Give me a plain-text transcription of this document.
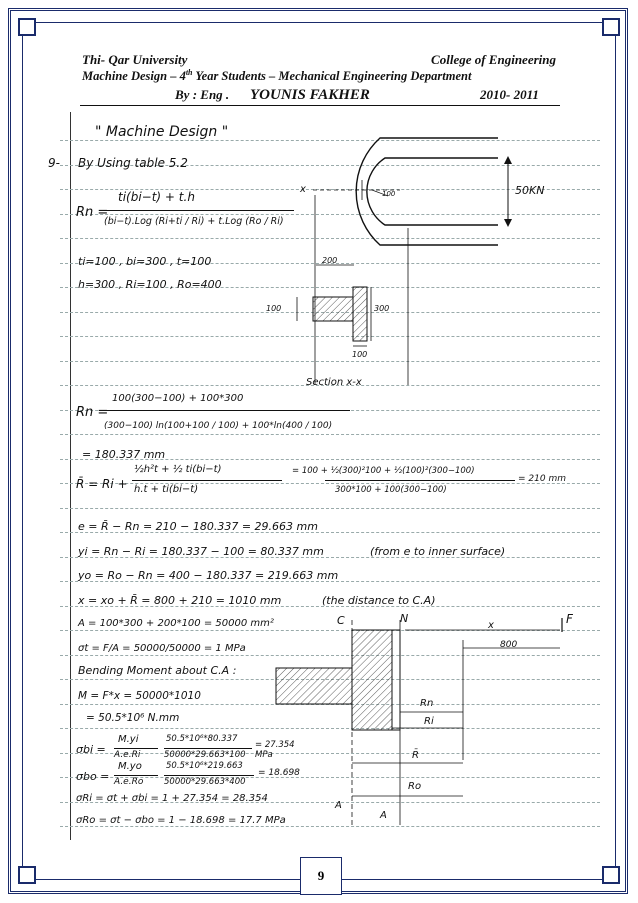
Thi- Qar University	College of Engineering
Machine Design – 4th Year Students – Mechanical Engineering Department
By : Eng . YOUNIS FAKHER	2010- 2011
" Machine Design "
9- By Using table 5.2
Rn =
ti(bi−t) + t.h
(bi−t).Log (Ri+ti / Ri) + t.Log (Ro / Ri)
ti=100 , bi=300 , t=100
h=300 , Ri=100 , Ro=400
Rn =
100(300−100) + 100*300
(300−100) ln(100+100 / 100) + 100*ln(400 / 100)
= 180.337 mm
R̄ = Ri +
½h²t + ½ ti(bi−t)
h.t + ti(bi−t)
= 100 + ½(300)²100 + ½(100)²(300−100)
300*100 + 100(300−100)
= 210 mm
e = R̄ − Rn = 210 − 180.337 = 29.663 mm
yi = Rn − Ri = 180.337 − 100 = 80.337 mm	(from e to inner surface)
yo = Ro − Rn = 400 − 180.337 = 219.663 mm
x = xo + R̄ = 800 + 210 = 1010 mm	(the distance to C.A)
A = 100*300 + 200*100 = 50000 mm²
σt = F/A = 50000/50000 = 1 MPa
Bending Moment about C.A :
M = F*x = 50000*1010
= 50.5*10⁶ N.mm
σbi =
M.yi
A.e.Ri
50.5*10⁶*80.337
50000*29.663*100
= 27.354 MPa
σbo =
M.yo
A.e.Ro
50.5*10⁶*219.663
50000*29.663*400
= 18.698
σRi = σt + σbi = 1 + 27.354 = 28.354
σRo = σt − σbo = 1 − 18.698 = 17.7 MPa
50KN
x	100
200
300
100
100
Section x-x
C	N	F
x
800
Rn
Ri
R̄
Ro
A
A
9
